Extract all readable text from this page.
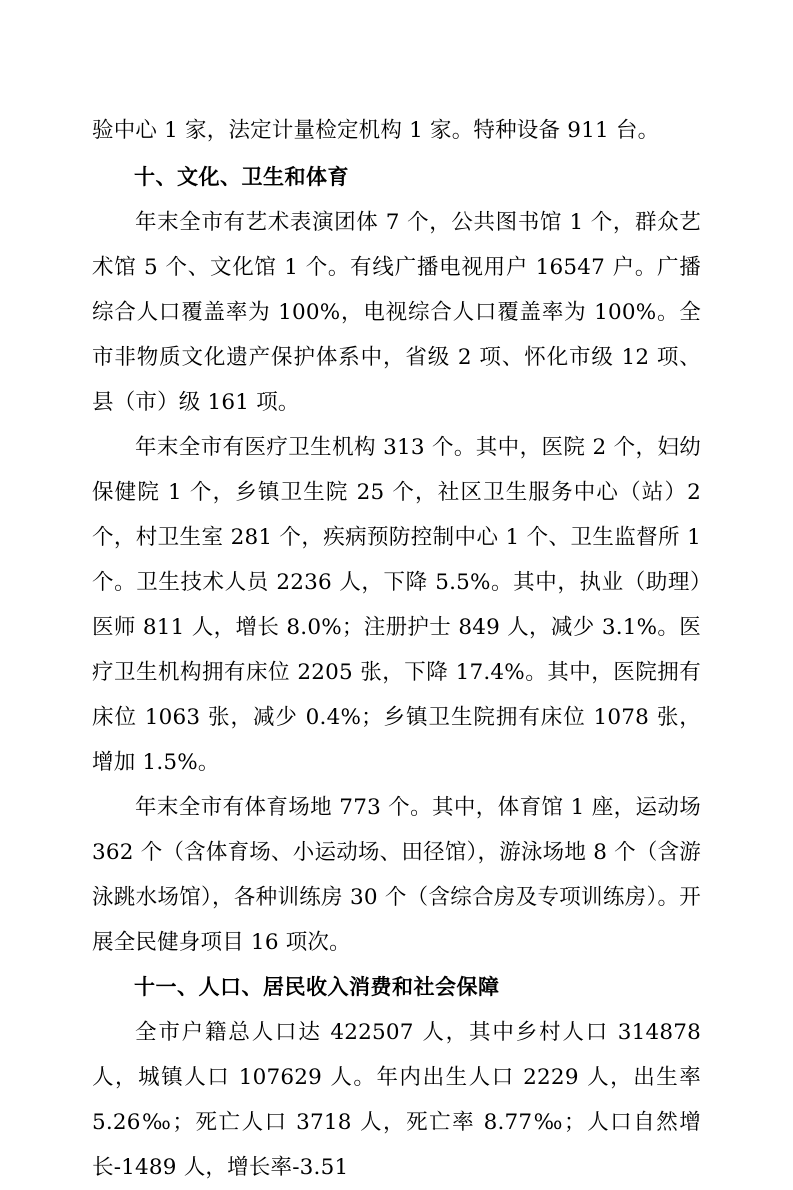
验中心 1 家，法定计量检定机构 1 家。特种设备 911 台。

十、文化、卫生和体育

年末全市有艺术表演团体 7 个，公共图书馆 1 个，群众艺术馆 5 个、文化馆 1 个。有线广播电视用户 16547 户。广播综合人口覆盖率为 100%，电视综合人口覆盖率为 100%。全市非物质文化遗产保护体系中，省级 2 项、怀化市级 12 项、县（市）级 161 项。

年末全市有医疗卫生机构 313 个。其中，医院 2 个，妇幼保健院 1 个，乡镇卫生院 25 个，社区卫生服务中心（站）2 个，村卫生室 281 个，疾病预防控制中心 1 个、卫生监督所 1 个。卫生技术人员 2236 人，下降 5.5%。其中，执业（助理）医师 811 人，增长 8.0%；注册护士 849 人，减少 3.1%。医疗卫生机构拥有床位 2205 张，下降 17.4%。其中，医院拥有床位 1063 张，减少 0.4%；乡镇卫生院拥有床位 1078 张，增加 1.5%。

年末全市有体育场地 773 个。其中，体育馆 1 座，运动场 362 个（含体育场、小运动场、田径馆），游泳场地 8 个（含游泳跳水场馆），各种训练房 30 个（含综合房及专项训练房）。开展全民健身项目 16 项次。

十一、人口、居民收入消费和社会保障

全市户籍总人口达 422507 人，其中乡村人口 314878 人，城镇人口 107629 人。年内出生人口 2229 人，出生率 5.26‰；死亡人口 3718 人，死亡率 8.77‰；人口自然增长-1489 人，增长率-3.51
